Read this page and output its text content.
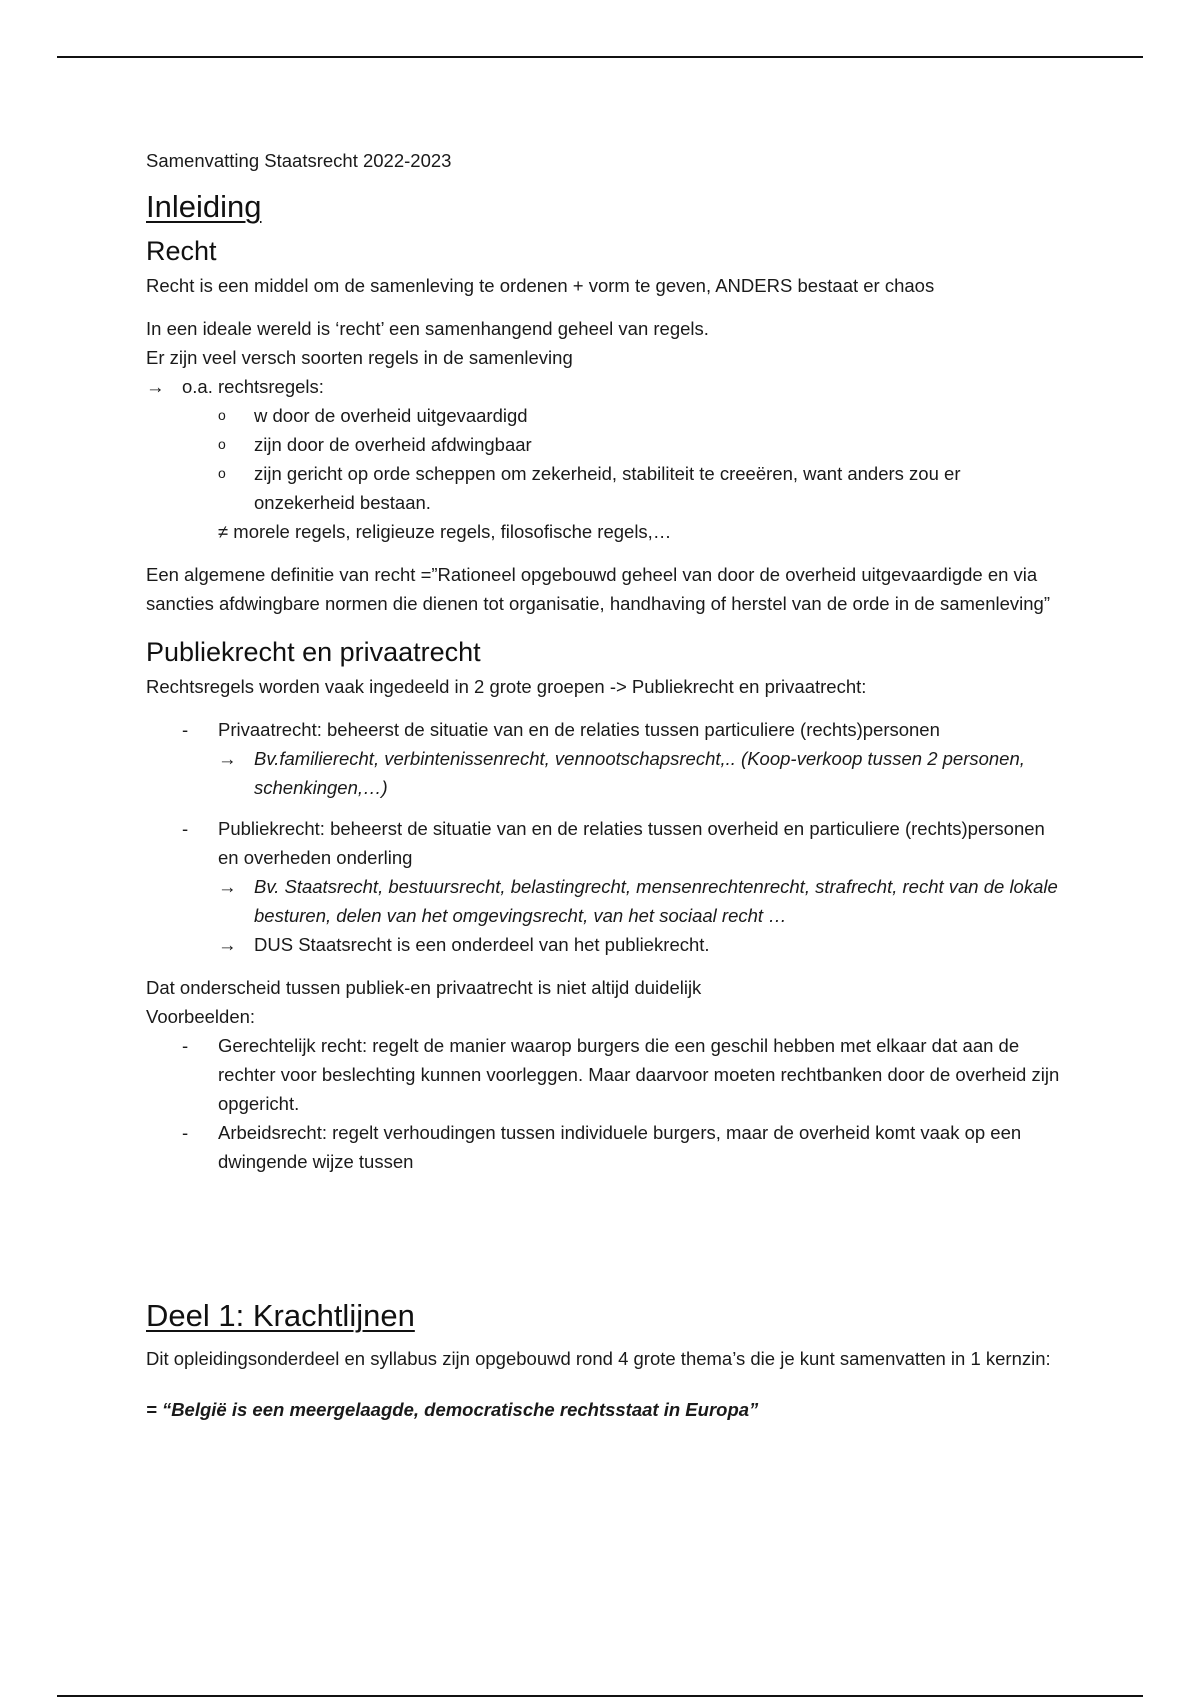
Samenvatting Staatsrecht 2022-2023

Inleiding
Recht

Recht is een middel om de samenleving te ordenen + vorm te geven, ANDERS bestaat er chaos

In een ideale wereld is ‘recht’ een samenhangend geheel van regels.

Er zijn veel versch soorten regels in de samenleving

→ o.a. rechtsregels:
o w door de overheid uitgevaardigd
o zijn door de overheid afdwingbaar
o zijn gericht op orde scheppen om zekerheid, stabiliteit te creeëren, want anders zou er onzekerheid bestaan.

≠ morele regels, religieuze regels, filosofische regels,…

Een algemene definitie van recht =”Rationeel opgebouwd geheel van door de overheid uitgevaardigde en via sancties afdwingbare normen die dienen tot organisatie, handhaving of herstel van de orde in de samenleving”

Publiekrecht en privaatrecht

Rechtsregels worden vaak ingedeeld in 2 grote groepen -> Publiekrecht en privaatrecht:

- Privaatrecht: beheerst de situatie van en de relaties tussen particuliere (rechts)personen
→ Bv.familierecht, verbintenissenrecht, vennootschapsrecht,.. (Koop-verkoop tussen 2 personen, schenkingen,…)
- Publiekrecht: beheerst de situatie van en de relaties tussen overheid en particuliere (rechts)personen en overheden onderling
→ Bv. Staatsrecht, bestuursrecht, belastingrecht, mensenrechtenrecht, strafrecht, recht van de lokale besturen, delen van het omgevingsrecht, van het sociaal recht …
→ DUS Staatsrecht is een onderdeel van het publiekrecht.

Dat onderscheid tussen publiek-en privaatrecht is niet altijd duidelijk

Voorbeelden:

- Gerechtelijk recht: regelt de manier waarop burgers die een geschil hebben met elkaar dat aan de rechter voor beslechting kunnen voorleggen. Maar daarvoor moeten rechtbanken door de overheid zijn opgericht.
- Arbeidsrecht: regelt verhoudingen tussen individuele burgers, maar de overheid komt vaak op een dwingende wijze tussen
Deel 1: Krachtlijnen

Dit opleidingsonderdeel en syllabus zijn opgebouwd rond 4 grote thema’s die je kunt samenvatten in 1 kernzin:

= “België is een meergelaagde, democratische rechtsstaat in Europa”
